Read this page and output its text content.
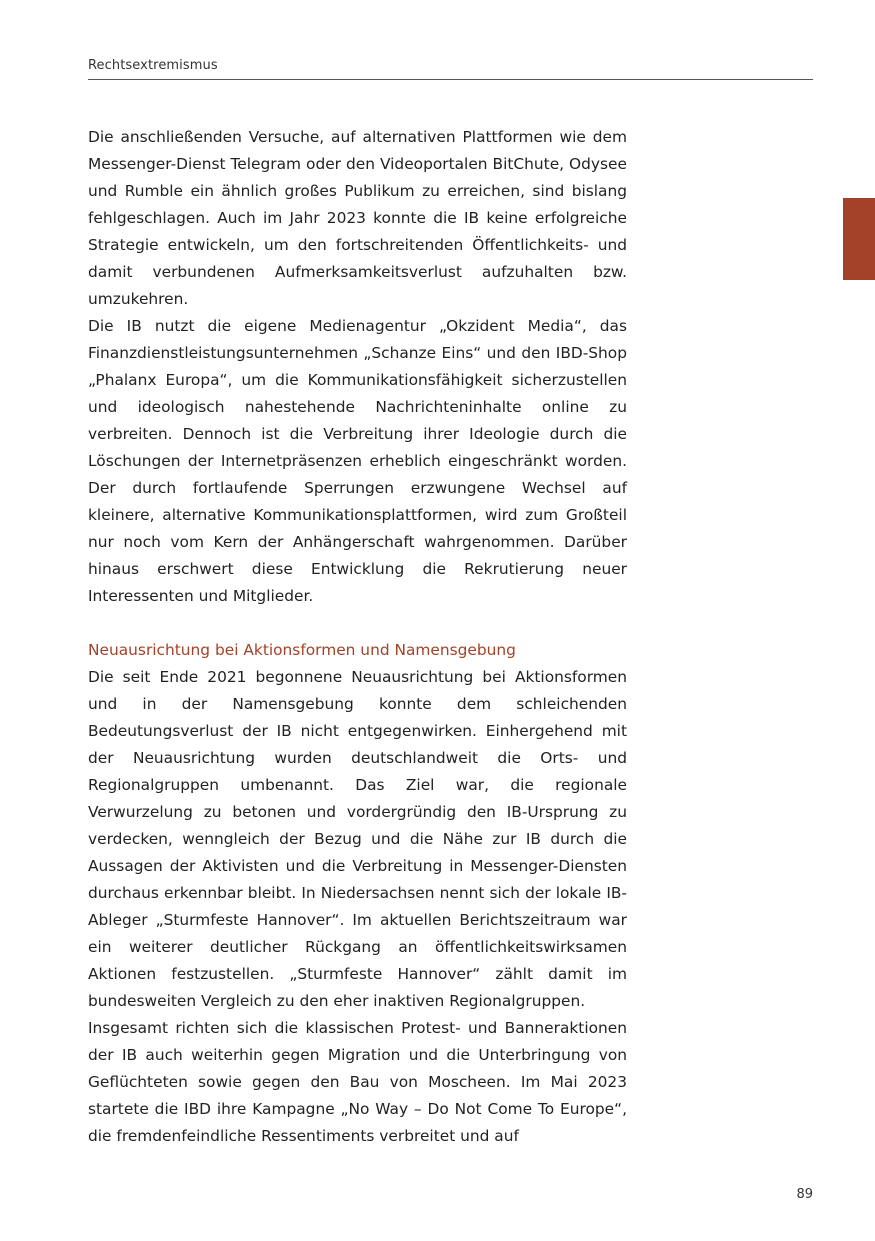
Rechtsextremismus

Die anschließenden Versuche, auf alternativen Plattformen wie dem Messenger-Dienst Telegram oder den Videoportalen BitChute, Odysee und Rumble ein ähnlich großes Publikum zu erreichen, sind bislang fehlgeschlagen. Auch im Jahr 2023 konnte die IB keine erfolgreiche Strategie entwickeln, um den fortschreitenden Öffentlichkeits- und damit verbundenen Aufmerksamkeitsverlust aufzuhalten bzw. umzukehren.

Die IB nutzt die eigene Medienagentur „Okzident Media“, das Finanzdienstleistungsunternehmen „Schanze Eins“ und den IBD-Shop „Phalanx Europa“, um die Kommunikationsfähigkeit sicherzustellen und ideologisch nahestehende Nachrichteninhalte online zu verbreiten. Dennoch ist die Verbreitung ihrer Ideologie durch die Löschungen der Internetpräsenzen erheblich eingeschränkt worden. Der durch fortlaufende Sperrungen erzwungene Wechsel auf kleinere, alternative Kommunikationsplattformen, wird zum Großteil nur noch vom Kern der Anhängerschaft wahrgenommen. Darüber hinaus erschwert diese Entwicklung die Rekrutierung neuer Interessenten und Mitglieder.

Neuausrichtung bei Aktionsformen und Namensgebung

Die seit Ende 2021 begonnene Neuausrichtung bei Aktionsformen und in der Namensgebung konnte dem schleichenden Bedeutungsverlust der IB nicht entgegenwirken. Einhergehend mit der Neuausrichtung wurden deutschlandweit die Orts- und Regionalgruppen umbenannt. Das Ziel war, die regionale Verwurzelung zu betonen und vordergründig den IB-Ursprung zu verdecken, wenngleich der Bezug und die Nähe zur IB durch die Aussagen der Aktivisten und die Verbreitung in Messenger-Diensten durchaus erkennbar bleibt. In Niedersachsen nennt sich der lokale IB-Ableger „Sturmfeste Hannover“. Im aktuellen Berichtszeitraum war ein weiterer deutlicher Rückgang an öffentlichkeitswirksamen Aktionen festzustellen. „Sturmfeste Hannover“ zählt damit im bundesweiten Vergleich zu den eher inaktiven Regionalgruppen.

Insgesamt richten sich die klassischen Protest- und Banneraktionen der IB auch weiterhin gegen Migration und die Unterbringung von Geflüchteten sowie gegen den Bau von Moscheen. Im Mai 2023 startete die IBD ihre Kampagne „No Way – Do Not Come To Europe“, die fremdenfeindliche Ressentiments verbreitet und auf

89
